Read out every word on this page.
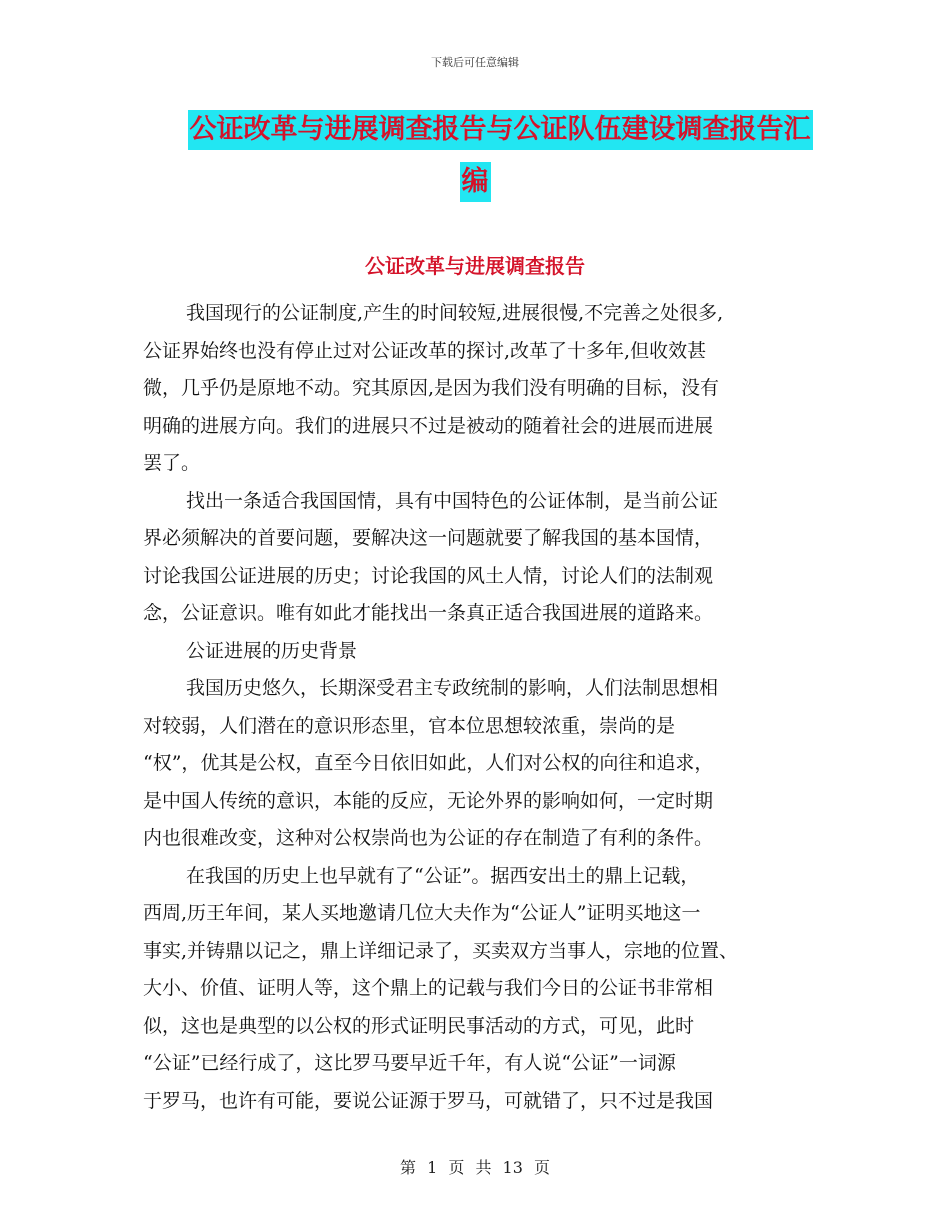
下载后可任意编辑
公证改革与进展调查报告与公证队伍建设调查报告汇
编
公证改革与进展调查报告

我国现行的公证制度,产生的时间较短,进展很慢,不完善之处很多,
公证界始终也没有停止过对公证改革的探讨,改革了十多年,但收效甚
微，几乎仍是原地不动。究其原因,是因为我们没有明确的目标，没有
明确的进展方向。我们的进展只不过是被动的随着社会的进展而进展
罢了。

找出一条适合我国国情，具有中国特色的公证体制，是当前公证
界必须解决的首要问题，要解决这一问题就要了解我国的基本国情，
讨论我国公证进展的历史；讨论我国的风土人情，讨论人们的法制观
念，公证意识。唯有如此才能找出一条真正适合我国进展的道路来。

公证进展的历史背景

我国历史悠久，长期深受君主专政统制的影响，人们法制思想相
对较弱，人们潜在的意识形态里，官本位思想较浓重，崇尚的是
“权”，优其是公权，直至今日依旧如此，人们对公权的向往和追求，
是中国人传统的意识，本能的反应，无论外界的影响如何，一定时期
内也很难改变，这种对公权崇尚也为公证的存在制造了有利的条件。

在我国的历史上也早就有了“公证”。据西安出土的鼎上记载，
西周,历王年间，某人买地邀请几位大夫作为“公证人”证明买地这一
事实,并铸鼎以记之，鼎上详细记录了，买卖双方当事人，宗地的位置、
大小、价值、证明人等，这个鼎上的记载与我们今日的公证书非常相
似，这也是典型的以公权的形式证明民事活动的方式，可见，此时
“公证”已经行成了，这比罗马要早近千年，有人说“公证”一词源
于罗马，也许有可能，要说公证源于罗马，可就错了，只不过是我国

第 1 页 共 13 页
